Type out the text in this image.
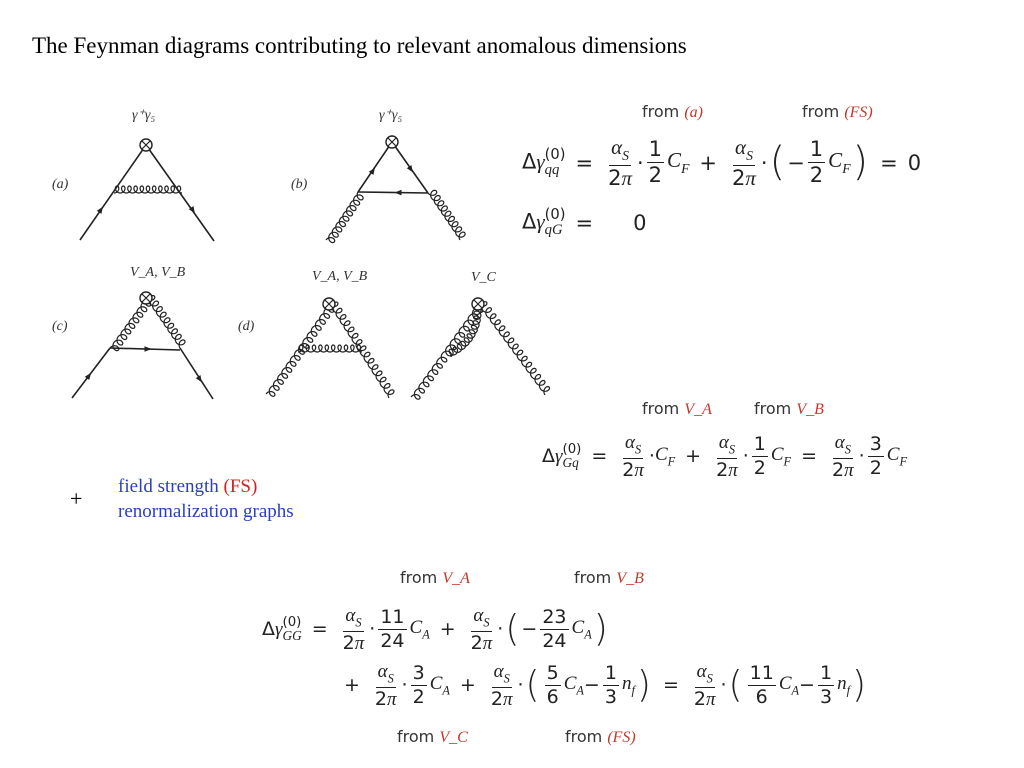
The Feynman diagrams contributing to relevant anomalous dimensions
(a)
γ⁺γ₅
(b)
γ⁺γ₅
(c)
V_A, V_B
(d)
V_A, V_B	V_C
from (a)	from (FS)
Δγ (0)
qq = $\frac{\alpha_S}{2\pi} \cdot \frac{1}{2} C_F + \frac{\alpha_S}{2\pi}$ · ( − $\frac{1}{2} C_F$ ) = 0
Δγ (0)
qG = 0
from V_A	from V_B
Δγ (0)
$Gq = \frac{\alpha_S}{2\pi} \cdot C_F + \frac{\alpha_S}{2\pi} \cdot \frac{1}{2} C_F = \frac{\alpha_S}{2\pi} \cdot \frac{3}{2} C_F$
+ field strength (FS)
renormalization graphs
from V_A	from V_B
Δγ (0)
GG = $\frac{\alpha_S}{2\pi} \cdot \frac{11}{24} C_A + \frac{\alpha_S}{2\pi}$ · ( − $\frac{23}{24} C_A$ )
+ $\frac{\alpha_S}{2\pi} \cdot \frac{3}{2} C_A + \frac{\alpha_S}{2\pi}$ · ( $\frac{5}{6} C_A - \frac{1}{3} n_f$ ) = $\frac{\alpha_S}{2\pi}$ · ( $\frac{11}{6} C_A - \frac{1}{3} n_f$ )
from V_C	from (FS)
